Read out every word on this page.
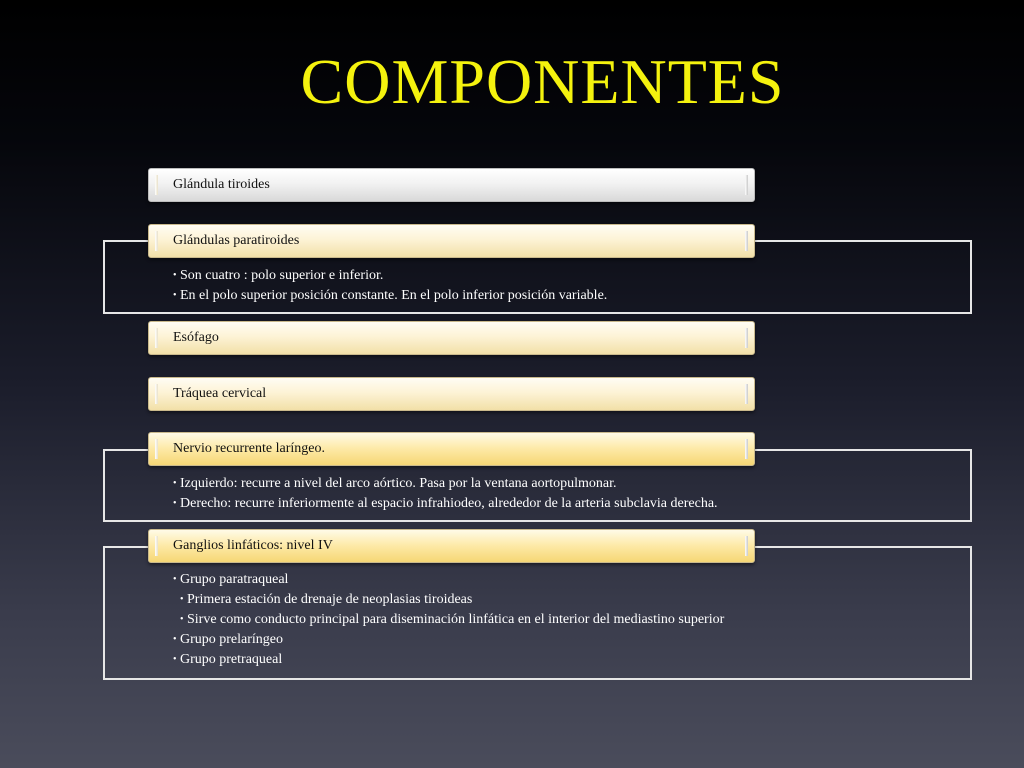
COMPONENTES
• Son cuatro : polo superior e inferior.
• En el polo superior posición constante. En el polo inferior posición variable.
• Izquierdo: recurre a nivel del arco aórtico. Pasa por la ventana aortopulmonar.
• Derecho: recurre inferiormente al espacio infrahiodeo, alrededor de la arteria subclavia derecha.
• Grupo paratraqueal
• Primera estación de drenaje de neoplasias tiroideas
• Sirve como conducto principal para diseminación linfática en el interior del mediastino superior
• Grupo prelaríngeo
• Grupo pretraqueal
Glándula tiroides
Glándulas paratiroides
Esófago
Tráquea cervical
Nervio recurrente laríngeo.
Ganglios linfáticos: nivel IV
